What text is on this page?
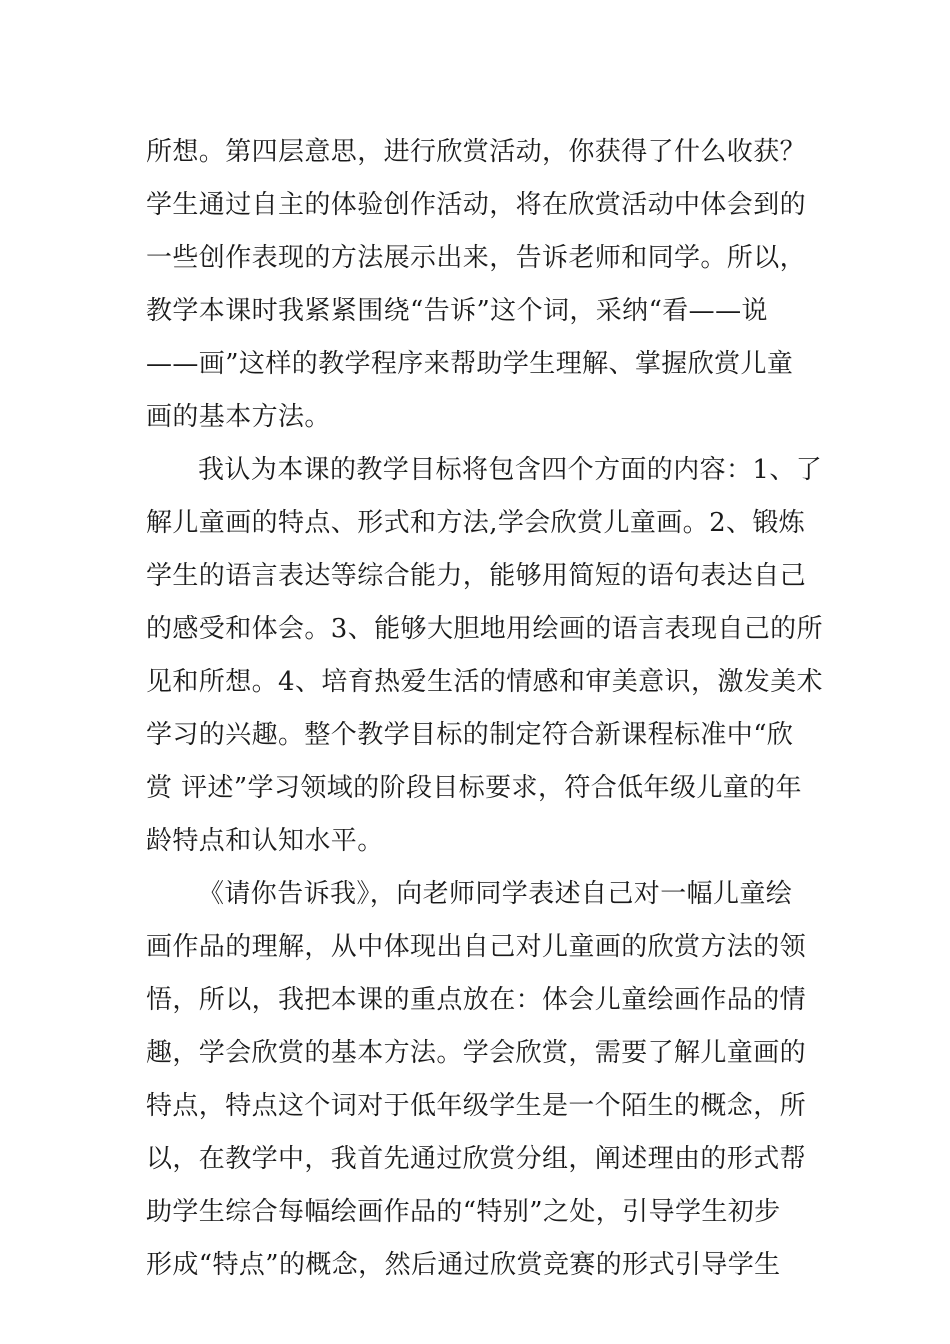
所想。第四层意思，进行欣赏活动，你获得了什么收获？
学生通过自主的体验创作活动，将在欣赏活动中体会到的
一些创作表现的方法展示出来，告诉老师和同学。所以，
教学本课时我紧紧围绕“告诉”这个词，采纳“看——说
——画”这样的教学程序来帮助学生理解、掌握欣赏儿童
画的基本方法。
我认为本课的教学目标将包含四个方面的内容：1、了
解儿童画的特点、形式和方法,学会欣赏儿童画。2、锻炼
学生的语言表达等综合能力，能够用简短的语句表达自己
的感受和体会。3、能够大胆地用绘画的语言表现自己的所
见和所想。4、培育热爱生活的情感和审美意识，激发美术
学习的兴趣。整个教学目标的制定符合新课程标准中“欣
赏 评述”学习领域的阶段目标要求，符合低年级儿童的年
龄特点和认知水平。
《请你告诉我》，向老师同学表述自己对一幅儿童绘
画作品的理解，从中体现出自己对儿童画的欣赏方法的领
悟，所以，我把本课的重点放在：体会儿童绘画作品的情
趣，学会欣赏的基本方法。学会欣赏，需要了解儿童画的
特点，特点这个词对于低年级学生是一个陌生的概念，所
以，在教学中，我首先通过欣赏分组，阐述理由的形式帮
助学生综合每幅绘画作品的“特别”之处，引导学生初步
形成“特点”的概念，然后通过欣赏竞赛的形式引导学生
